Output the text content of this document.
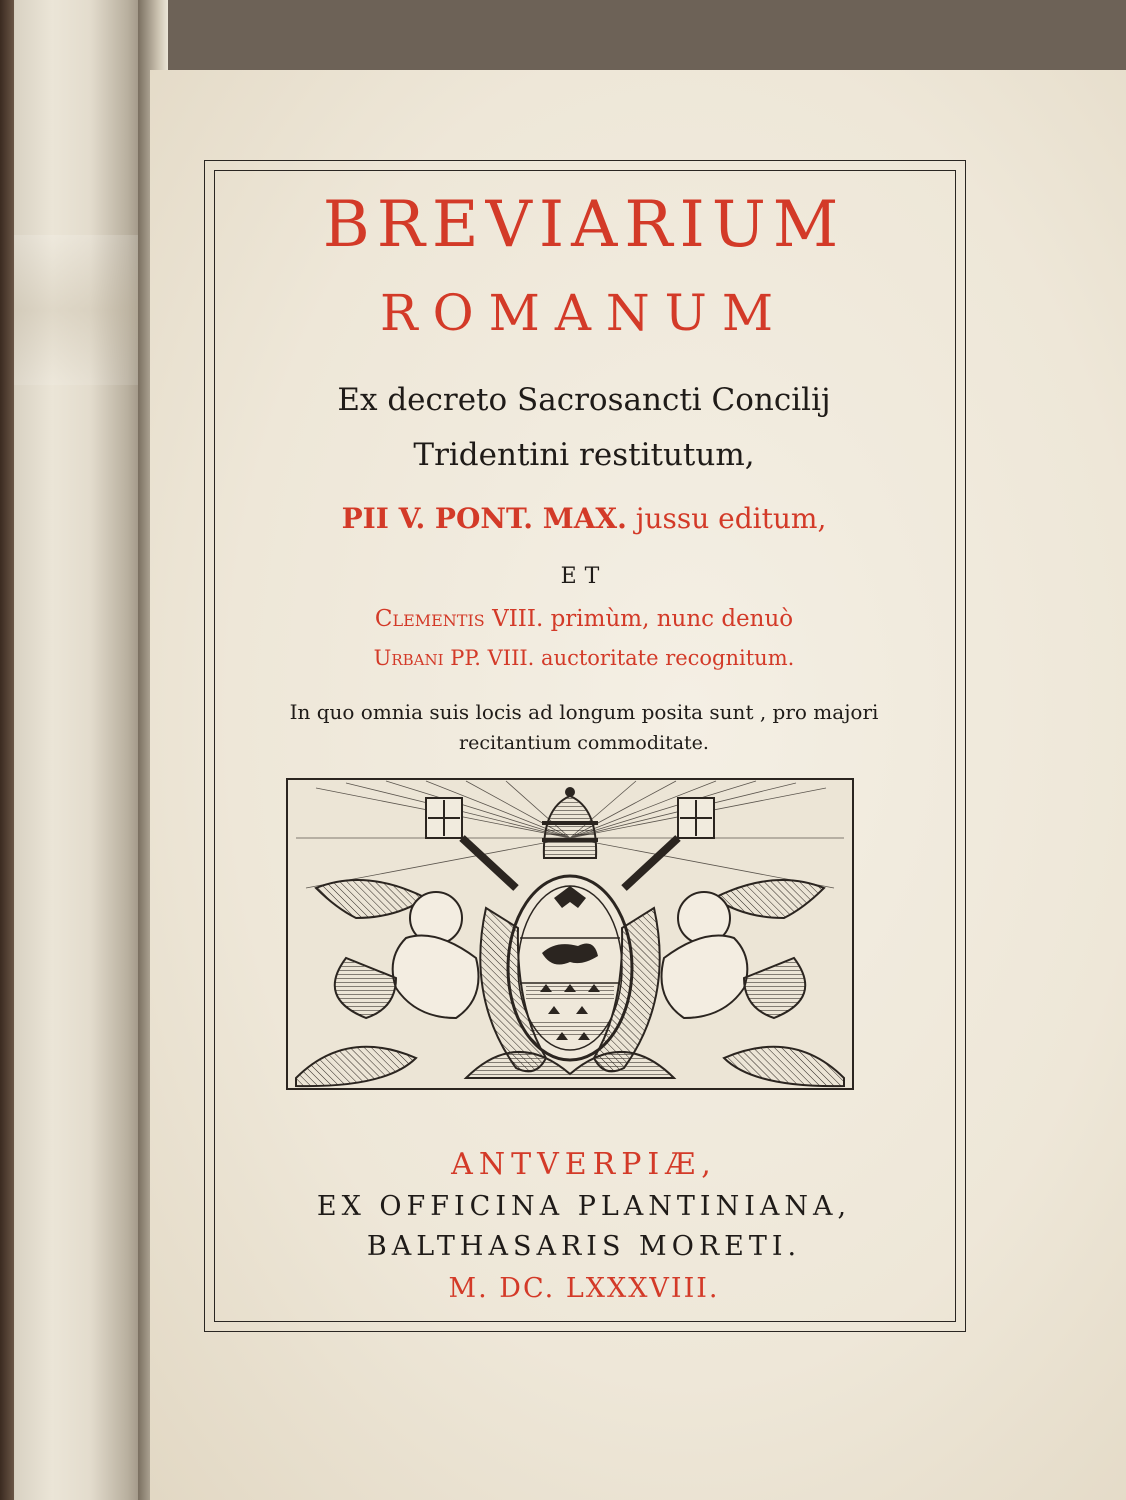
BREVIARIUM
ROMANUM
Ex decreto Sacrosancti Concilij
Tridentini restitutum,
PII V. PONT. MAX. jussu editum,
ET
Clementis VIII. primùm, nunc denuò
Urbani PP. VIII. auctoritate recognitum.
In quo omnia suis locis ad longum posita sunt , pro majori
recitantium commoditate.
ANTVERPIÆ,
EX OFFICINA PLANTINIANA,
BALTHASARIS MORETI.
M. DC. LXXXVIII.
